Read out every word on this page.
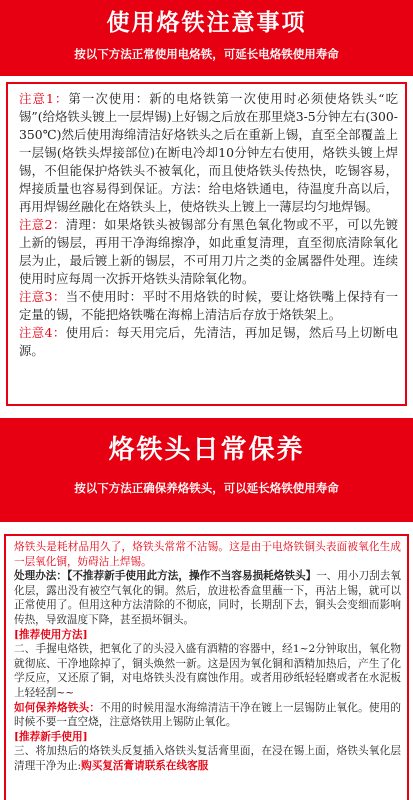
使用烙铁注意事项
按以下方法正常使用电烙铁，可延长电烙铁使用寿命
注意1：第一次使用：新的电烙铁第一次使用时必须使烙铁头“吃锡”(给烙铁头镀上一层焊锡)上好锡之后放在那里烧3-5分钟左右(300-350℃)然后使用海绵清洁好烙铁头之后在重新上锡，直至全部覆盖上一层锡(烙铁头焊接部位)在断电冷却10分钟左右使用，烙铁头镀上焊锡，不但能保护烙铁头不被氧化，而且使烙铁头传热快，吃锡容易，焊接质量也容易得到保证。方法：给电烙铁通电，待温度升高以后，再用焊锡丝融化在烙铁头上，使烙铁头上镀上一薄层均匀地焊锡。
注意2：清理：如果烙铁头被锡部分有黑色氧化物或不平，可以先镀上新的锡层，再用干净海绵擦净，如此重复清理，直至彻底清除氧化层为止，最后镀上新的锡层，不可用刀片之类的金属器件处理。连续使用时应每周一次拆开烙铁头清除氧化物。
注意3：当不使用时：平时不用烙铁的时候，要让烙铁嘴上保持有一定量的锡，不能把烙铁嘴在海棉上清洁后存放于烙铁架上。
注意4：使用后：每天用完后，先清洁，再加足锡，然后马上切断电源。
烙铁头日常保养
按以下方法正确保养烙铁头，可以延长烙铁使用寿命

烙铁头是耗材品用久了，烙铁头常常不沾锡。这是由于电烙铁铜头表面被氧化生成一层氧化铜，妨碍沾上焊锡。

处理办法：【不推荐新手使用此方法，操作不当容易损耗烙铁头】一、用小刀刮去氧化层，露出没有被空气氧化的铜。然后，放进松香盒里蘸一下，再沾上锡，就可以正常使用了。但用这种方法清除的不彻底，同时，长期刮下去，铜头会变细而影响传热，导致温度下降，甚至损坏铜头。

[推荐使用方法]

二、手握电烙铁，把氧化了的头浸入盛有酒精的容器中，经1~2分钟取出，氧化物就彻底、干净地除掉了，铜头焕然一新。这是因为氧化铜和酒精加热后，产生了化学反应，又还原了铜，对电烙铁头没有腐蚀作用。或者用砂纸轻轻磨或者在水泥板上轻轻刮~~

如何保养烙铁头：不用的时候用湿水海绵清洁干净在镀上一层锡防止氧化。使用的时候不要一直空烧，注意烙铁用上锡防止氧化。

[推荐新手使用]

三、将加热后的烙铁头反复插入烙铁头复活膏里面，在浸在锡上面，烙铁头氧化层清理干净为止:购买复活膏请联系在线客服
